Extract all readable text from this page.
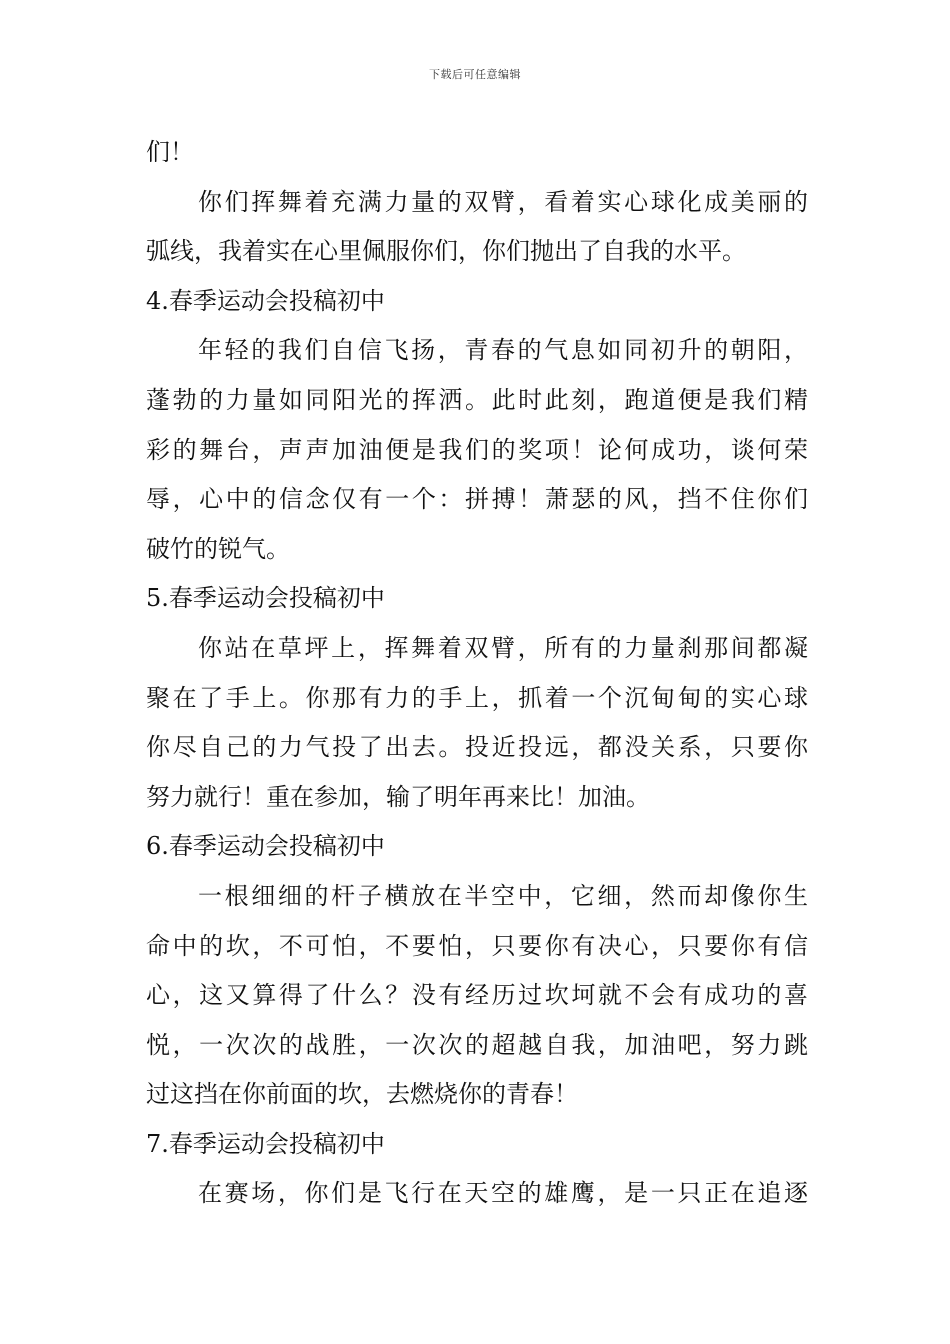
下载后可任意编辑
们！
你们挥舞着充满力量的双臂，看着实心球化成美丽的
弧线，我着实在心里佩服你们，你们抛出了自我的水平。
4.春季运动会投稿初中
年轻的我们自信飞扬，青春的气息如同初升的朝阳，
蓬勃的力量如同阳光的挥洒。此时此刻，跑道便是我们精
彩的舞台，声声加油便是我们的奖项！论何成功，谈何荣
辱，心中的信念仅有一个：拼搏！萧瑟的风，挡不住你们
破竹的锐气。
5.春季运动会投稿初中
你站在草坪上，挥舞着双臂，所有的力量刹那间都凝
聚在了手上。你那有力的手上，抓着一个沉甸甸的实心球
你尽自己的力气投了出去。投近投远，都没关系，只要你
努力就行！重在参加，输了明年再来比！加油。
6.春季运动会投稿初中
一根细细的杆子横放在半空中，它细，然而却像你生
命中的坎，不可怕，不要怕，只要你有决心，只要你有信
心，这又算得了什么？没有经历过坎坷就不会有成功的喜
悦，一次次的战胜，一次次的超越自我，加油吧，努力跳
过这挡在你前面的坎，去燃烧你的青春！
7.春季运动会投稿初中
在赛场，你们是飞行在天空的雄鹰，是一只正在追逐
